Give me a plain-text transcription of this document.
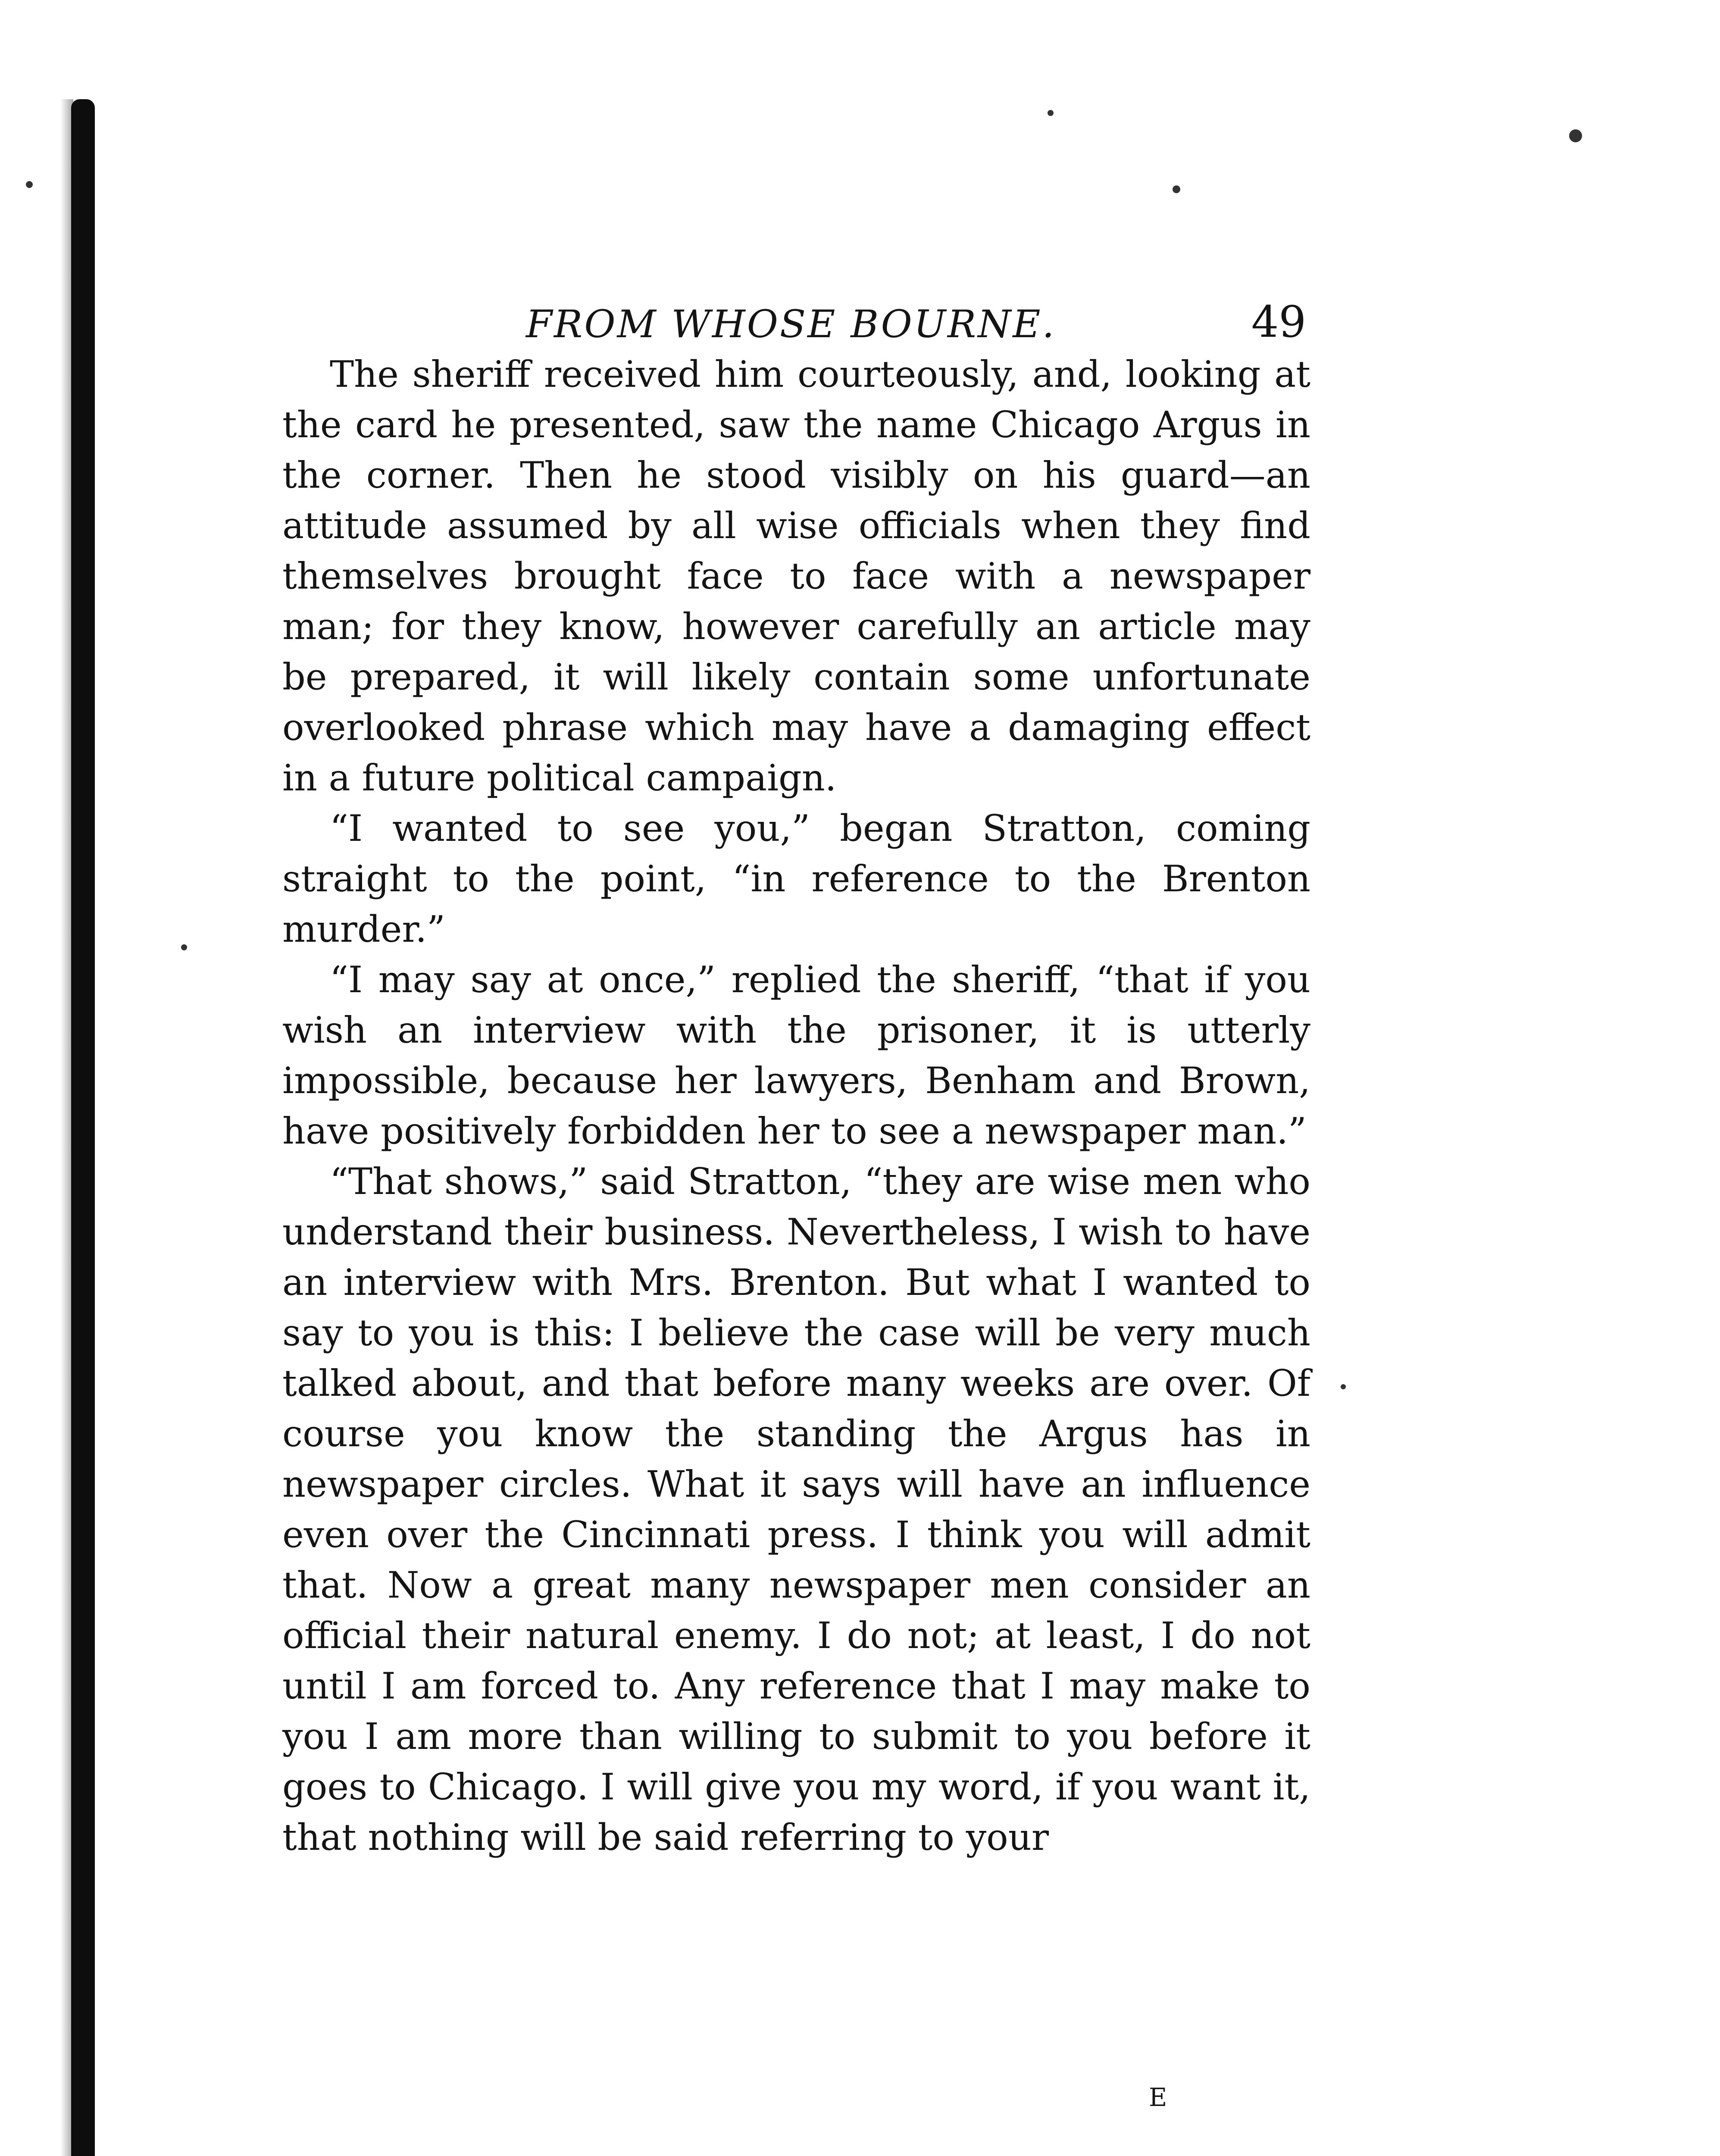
FROM WHOSE BOURNE.	49

The sheriff received him courteously, and, looking at the card he presented, saw the name Chicago Argus in the corner. Then he stood visibly on his guard—an attitude assumed by all wise officials when they find themselves brought face to face with a newspaper man; for they know, however carefully an article may be prepared, it will likely contain some unfortunate overlooked phrase which may have a damaging effect in a future political campaign.

“I wanted to see you,” began Stratton, coming straight to the point, “in reference to the Brenton murder.”

“I may say at once,” replied the sheriff, “that if you wish an interview with the prisoner, it is utterly impossible, because her lawyers, Benham and Brown, have positively forbidden her to see a newspaper man.”

“That shows,” said Stratton, “they are wise men who understand their business. Nevertheless, I wish to have an interview with Mrs. Brenton. But what I wanted to say to you is this: I believe the case will be very much talked about, and that before many weeks are over. Of course you know the standing the Argus has in newspaper circles. What it says will have an influence even over the Cincinnati press. I think you will admit that. Now a great many newspaper men consider an official their natural enemy. I do not; at least, I do not until I am forced to. Any reference that I may make to you I am more than willing to submit to you before it goes to Chicago. I will give you my word, if you want it, that nothing will be said referring to your

E
